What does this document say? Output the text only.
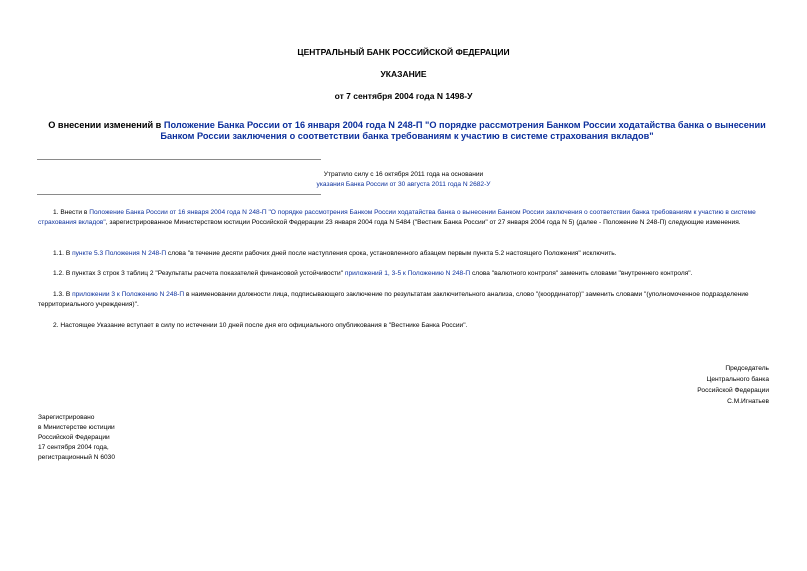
ЦЕНТРАЛЬНЫЙ БАНК РОССИЙСКОЙ ФЕДЕРАЦИИ
УКАЗАНИЕ
от 7 сентября 2004 года N 1498-У
О внесении изменений в Положение Банка России от 16 января 2004 года N 248-П "О порядке рассмотрения Банком России ходатайства банка о вынесении Банком России заключения о соответствии банка требованиям к участию в системе страхования вкладов"
Утратило силу с 16 октября 2011 года на основании
указания Банка России от 30 августа 2011 года N 2682-У
1. Внести в Положение Банка России от 16 января 2004 года N 248-П "О порядке рассмотрения Банком России ходатайства банка о вынесении Банком России заключения о соответствии банка требованиям к участию в системе страхования вкладов", зарегистрированное Министерством юстиции Российской Федерации 23 января 2004 года N 5484 ("Вестник Банка России" от 27 января 2004 года N 5) (далее - Положение N 248-П) следующие изменения.
1.1. В пункте 5.3 Положения N 248-П слова "в течение десяти рабочих дней после наступления срока, установленного абзацем первым пункта 5.2 настоящего Положения" исключить.
1.2. В пунктах 3 строк 3 таблиц 2 "Результаты расчета показателей финансовой устойчивости" приложений 1, 3-5 к Положению N 248-П слова "валютного контроля" заменить словами "внутреннего контроля".
1.3. В приложении 3 к Положению N 248-П в наименовании должности лица, подписывающего заключение по результатам заключительного анализа, слово "(координатор)" заменить словами "(уполномоченное подразделение территориального учреждения)".
2. Настоящее Указание вступает в силу по истечении 10 дней после дня его официального опубликования в "Вестнике Банка России".
Председатель
Центрального банка
Российской Федерации
С.М.Игнатьев
Зарегистрировано
в Министерстве юстиции
Российской Федерации
17 сентября 2004 года,
регистрационный N 6030
